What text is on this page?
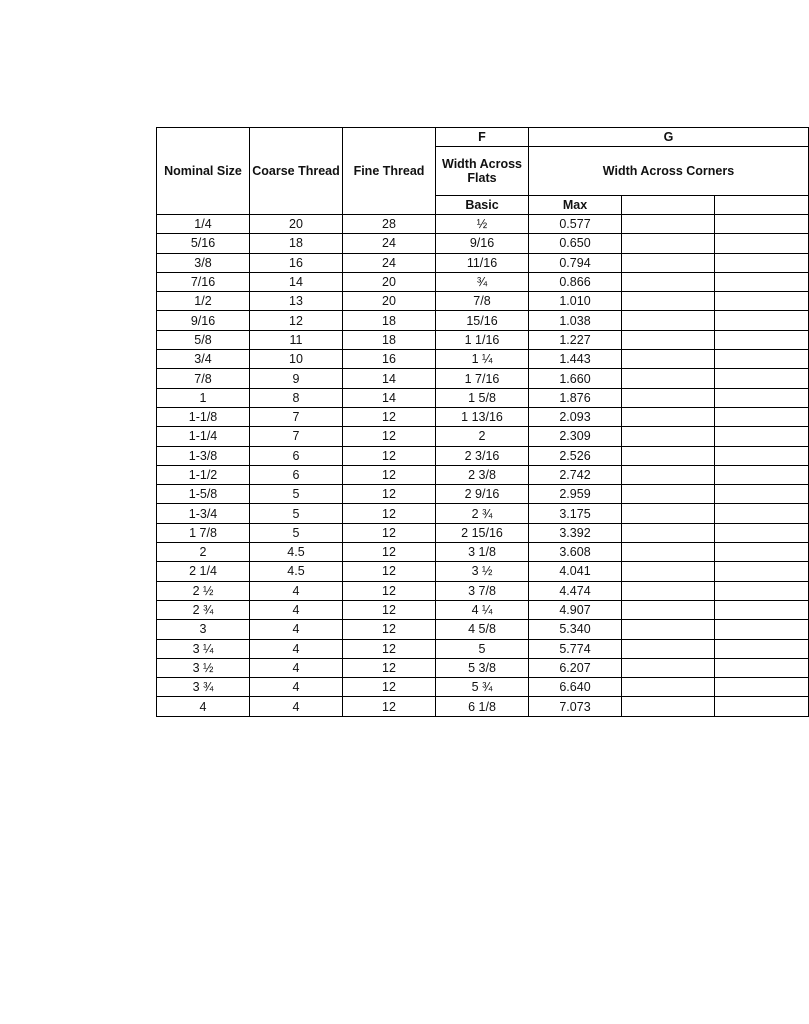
Nominal Size	Coarse Thread	Fine Thread	F	G		
			Width Across Flats	Width Across Corners		
			Basic	Max		
1/4	20	28	½	0.577		
5/16	18	24	9/16	0.650		
3/8	16	24	11/16	0.794		
7/16	14	20	¾	0.866		
1/2	13	20	7/8	1.010		
9/16	12	18	15/16	1.038		
5/8	11	18	1 1/16	1.227		
3/4	10	16	1 ¼	1.443		
7/8	9	14	1 7/16	1.660		
1	8	14	1 5/8	1.876		
1-1/8	7	12	1 13/16	2.093		
1-1/4	7	12	2	2.309		
1-3/8	6	12	2 3/16	2.526		
1-1/2	6	12	2 3/8	2.742		
1-5/8	5	12	2 9/16	2.959		
1-3/4	5	12	2 ¾	3.175		
1 7/8	5	12	2 15/16	3.392		
2	4.5	12	3 1/8	3.608		
2 1/4	4.5	12	3 ½	4.041		
2 ½	4	12	3 7/8	4.474		
2 ¾	4	12	4 ¼	4.907		
3	4	12	4 5/8	5.340		
3 ¼	4	12	5	5.774		
3 ½	4	12	5 3/8	6.207		
3 ¾	4	12	5 ¾	6.640		
4	4	12	6 1/8	7.073		
